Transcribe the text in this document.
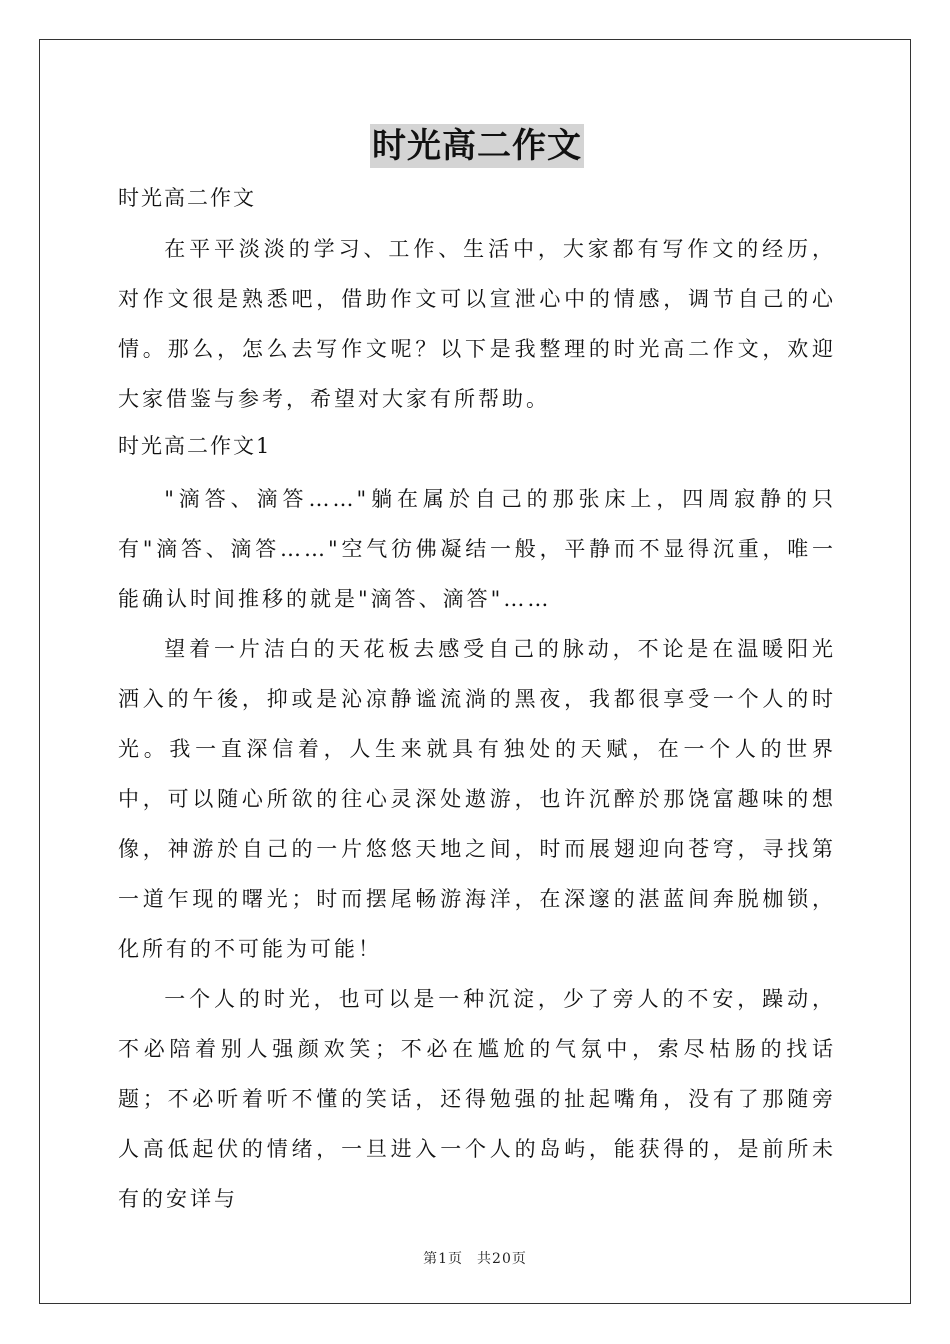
时光高二作文
时光高二作文

在平平淡淡的学习、工作、生活中，大家都有写作文的经历，对作文很是熟悉吧，借助作文可以宣泄心中的情感，调节自己的心情。那么，怎么去写作文呢？以下是我整理的时光高二作文，欢迎大家借鉴与参考，希望对大家有所帮助。

时光高二作文1

"滴答、滴答……"躺在属於自己的那张床上，四周寂静的只有"滴答、滴答……"空气彷佛凝结一般，平静而不显得沉重，唯一能确认时间推移的就是"滴答、滴答"……

望着一片洁白的天花板去感受自己的脉动，不论是在温暖阳光洒入的午後，抑或是沁凉静谧流淌的黑夜，我都很享受一个人的时光。我一直深信着，人生来就具有独处的天赋，在一个人的世界中，可以随心所欲的往心灵深处遨游，也许沉醉於那饶富趣味的想像，神游於自己的一片悠悠天地之间，时而展翅迎向苍穹，寻找第一道乍现的曙光；时而摆尾畅游海洋，在深邃的湛蓝间奔脱枷锁，化所有的不可能为可能！

一个人的时光，也可以是一种沉淀，少了旁人的不安，躁动，不必陪着别人强颜欢笑；不必在尴尬的气氛中，索尽枯肠的找话题；不必听着听不懂的笑话，还得勉强的扯起嘴角，没有了那随旁人高低起伏的情绪，一旦进入一个人的岛屿，能获得的，是前所未有的安详与

第1页 共20页
